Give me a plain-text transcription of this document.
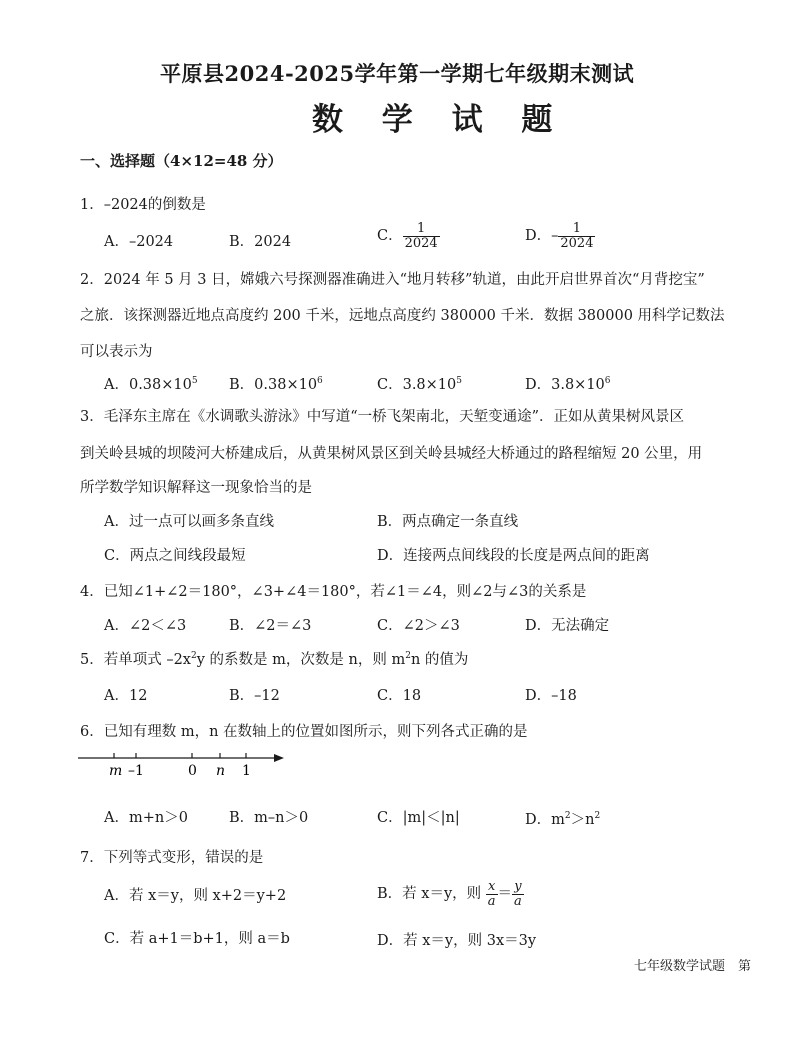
平原县2024-2025学年第一学期七年级期末测试
数 学 试 题
一、选择题（4×12=48 分）
1．–2024的倒数是
A．–2024	B．2024	C． $\frac{1}{2024}$	D．– $\frac{1}{2024}$
2．2024 年 5 月 3 日，嫦娥六号探测器准确进入“地月转移”轨道，由此开启世界首次“月背挖宝”
之旅．该探测器近地点高度约 200 千米，远地点高度约 380000 千米．数据 380000 用科学记数法
可以表示为
A．$0.38\times 10^5$ B．$0.38\times 10^6$	C．$3.8\times 10^5$	D．$3.8\times 10^6$
3．毛泽东主席在《水调歌头游泳》中写道“一桥飞架南北，天堑变通途”．正如从黄果树风景区
到关岭县城的坝陵河大桥建成后，从黄果树风景区到关岭县城经大桥通过的路程缩短 20 公里，用
所学数学知识解释这一现象恰当的是
A．过一点可以画多条直线	B．两点确定一条直线
C．两点之间线段最短	D．连接两点间线段的长度是两点间的距离
4．已知∠1+∠2＝180°，∠3+∠4＝180°，若∠1＝∠4，则∠2与∠3的关系是
A．∠2＜∠3	B．∠2＝∠3	C．∠2＞∠3	D．无法确定
5．若单项式 $-2x^2y$ 的系数是 m，次数是 n，则 $m^2n$ 的值为
A．12	B．–12	C．18	D．–18
6．已知有理数 m，n 在数轴上的位置如图所示，则下列各式正确的是
m –1	0 n 1
A．m+n＞0	B．m–n＞0	C．|m|＜|n|	D．$m^2>n^2$
7．下列等式变形，错误的是
A．若 x＝y，则 x+2＝y+2	B．若 x＝y，则 $\frac{x}{a} = \frac{y}{a}$
C．若 a+1＝b+1，则 a＝b	D．若 x＝y，则 3x＝3y
七年级数学试题　第
